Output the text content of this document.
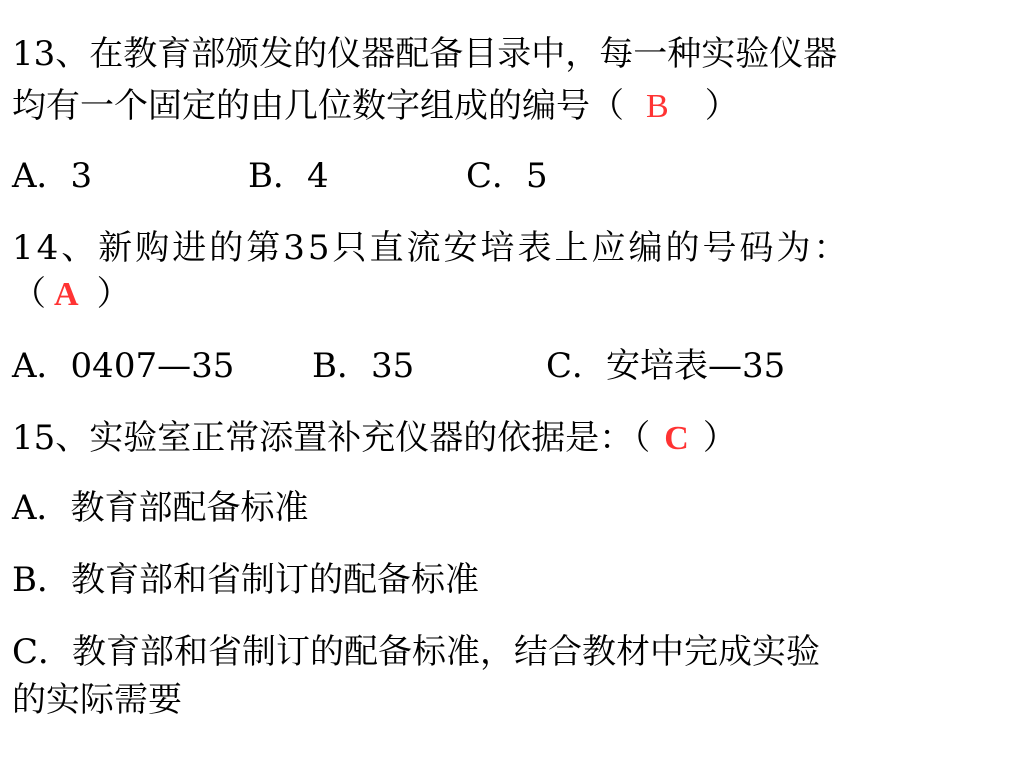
13、在教育部颁发的仪器配备目录中，每一种实验仪器
均有一个固定的由几位数字组成的编号（ B ）
A．3	B．4	C．5
14、新购进的第35只直流安培表上应编的号码为：
（ A ）
A．0407—35 B．35	C．安培表—35
15、实验室正常添置补充仪器的依据是：（ C ）
A．教育部配备标准
B．教育部和省制订的配备标准
C．教育部和省制订的配备标准，结合教材中完成实验
的实际需要
